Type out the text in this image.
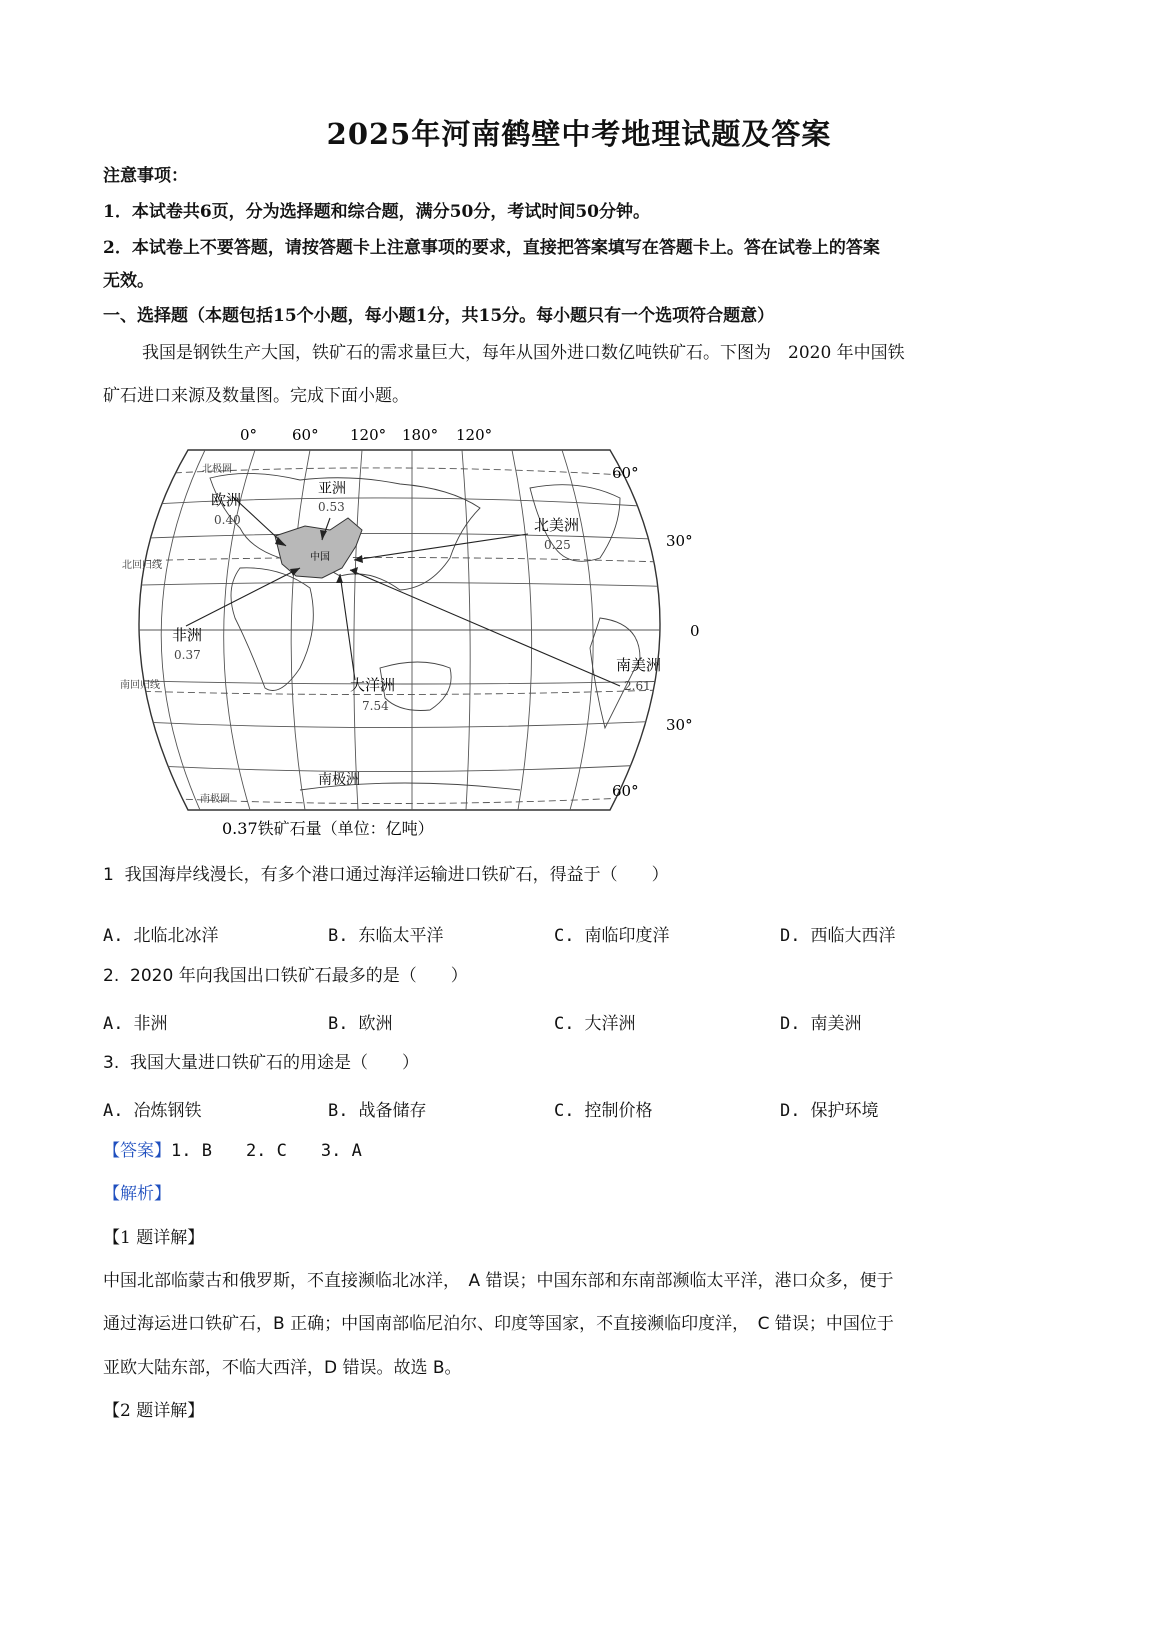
2025年河南鹤壁中考地理试题及答案
注意事项：
1．本试卷共6页，分为选择题和综合题，满分50分，考试时间50分钟。
2．本试卷上不要答题，请按答题卡上注意事项的要求，直接把答案填写在答题卡上。答在试卷上的答案
无效。
一、选择题（本题包括15个小题，每小题1分，共15分。每小题只有一个选项符合题意）
我国是钢铁生产大国，铁矿石的需求量巨大，每年从国外进口数亿吨铁矿石。下图为　2020 年中国铁
矿石进口来源及数量图。完成下面小题。
0° 60° 120° 180° 120°
60°
30°
0
30°
60°
北极圈
南极圈
北回归线
南回归线
欧洲
0.40
亚洲
0.53
北美洲
0.25
非洲
0.37
大洋洲
7.54
南美洲
2.61
中国
南极洲
0.37铁矿石量（单位：亿吨）
1 我国海岸线漫长，有多个港口通过海洋运输进口铁矿石，得益于（　　）
A. 北临北冰洋	B. 东临太平洋	C. 南临印度洋	D. 西临大西洋
2. 2020 年向我国出口铁矿石最多的是（　　）
A. 非洲	B. 欧洲	C. 大洋洲	D. 南美洲
3. 我国大量进口铁矿石的用途是（　　）
A. 冶炼钢铁	B. 战备储存	C. 控制价格	D. 保护环境
【答案】1. B　　2. C　　3. A
【解析】
【1 题详解】
中国北部临蒙古和俄罗斯，不直接濒临北冰洋，　A 错误；中国东部和东南部濒临太平洋，港口众多，便于
通过海运进口铁矿石，B 正确；中国南部临尼泊尔、印度等国家，不直接濒临印度洋，　C 错误；中国位于
亚欧大陆东部，不临大西洋，D 错误。故选 B。
【2 题详解】
